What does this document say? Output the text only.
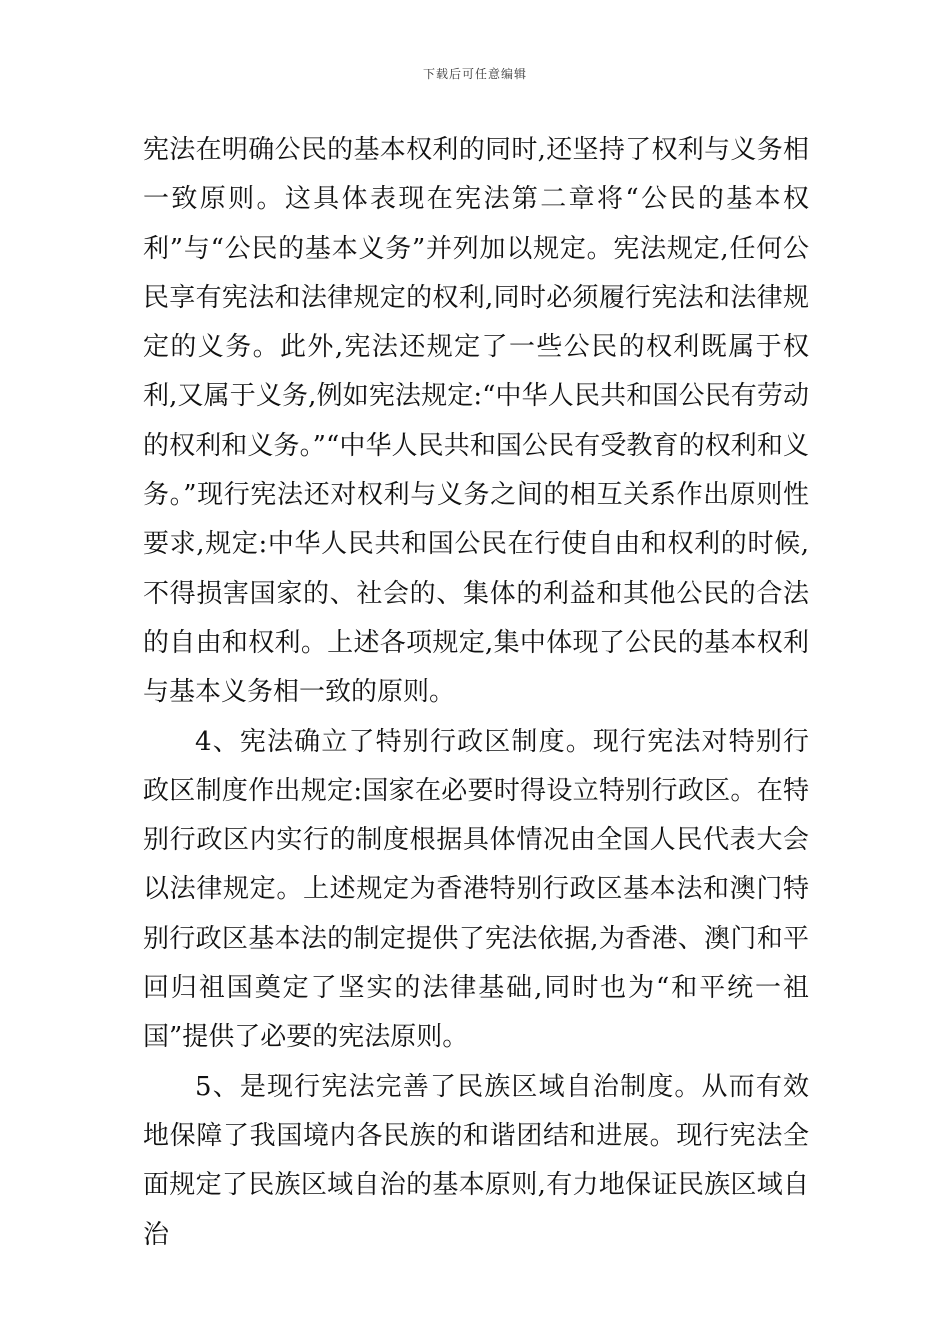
下载后可任意编辑

宪法在明确公民的基本权利的同时,还坚持了权利与义务相一致原则。这具体表现在宪法第二章将“公民的基本权利”与“公民的基本义务”并列加以规定。宪法规定,任何公民享有宪法和法律规定的权利,同时必须履行宪法和法律规定的义务。此外,宪法还规定了一些公民的权利既属于权利,又属于义务,例如宪法规定:“中华人民共和国公民有劳动的权利和义务。”“中华人民共和国公民有受教育的权利和义务。”现行宪法还对权利与义务之间的相互关系作出原则性要求,规定:中华人民共和国公民在行使自由和权利的时候,不得损害国家的、社会的、集体的利益和其他公民的合法的自由和权利。上述各项规定,集中体现了公民的基本权利与基本义务相一致的原则。

4、宪法确立了特别行政区制度。现行宪法对特别行政区制度作出规定:国家在必要时得设立特别行政区。在特别行政区内实行的制度根据具体情况由全国人民代表大会以法律规定。上述规定为香港特别行政区基本法和澳门特别行政区基本法的制定提供了宪法依据,为香港、澳门和平回归祖国奠定了坚实的法律基础,同时也为“和平统一祖国”提供了必要的宪法原则。

5、是现行宪法完善了民族区域自治制度。从而有效地保障了我国境内各民族的和谐团结和进展。现行宪法全面规定了民族区域自治的基本原则,有力地保证民族区域自治
